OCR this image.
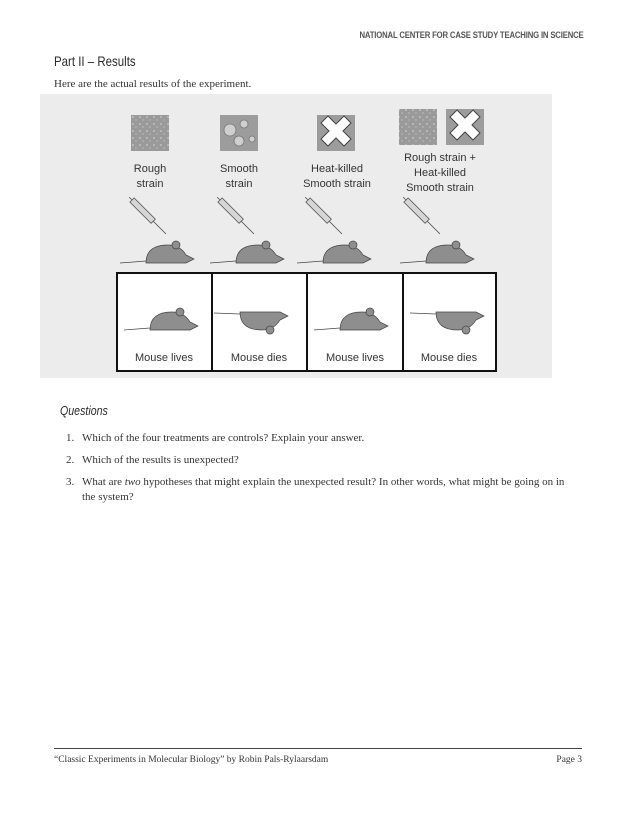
NATIONAL CENTER FOR CASE STUDY TEACHING IN SCIENCE
Part II – Results
Here are the actual results of the experiment.
Rough
strain
Smooth
strain
Heat-killed
Smooth strain
Rough strain +
Heat-killed
Smooth strain
Mouse lives	Mouse dies	Mouse lives	Mouse dies
Questions
1. Which of the four treatments are controls? Explain your answer.
2. Which of the results is unexpected?
3. What are two hypotheses that might explain the unexpected result? In other words, what might be going on in
the system?
“Classic Experiments in Molecular Biology” by Robin Pals-Rylaarsdam	Page 3
